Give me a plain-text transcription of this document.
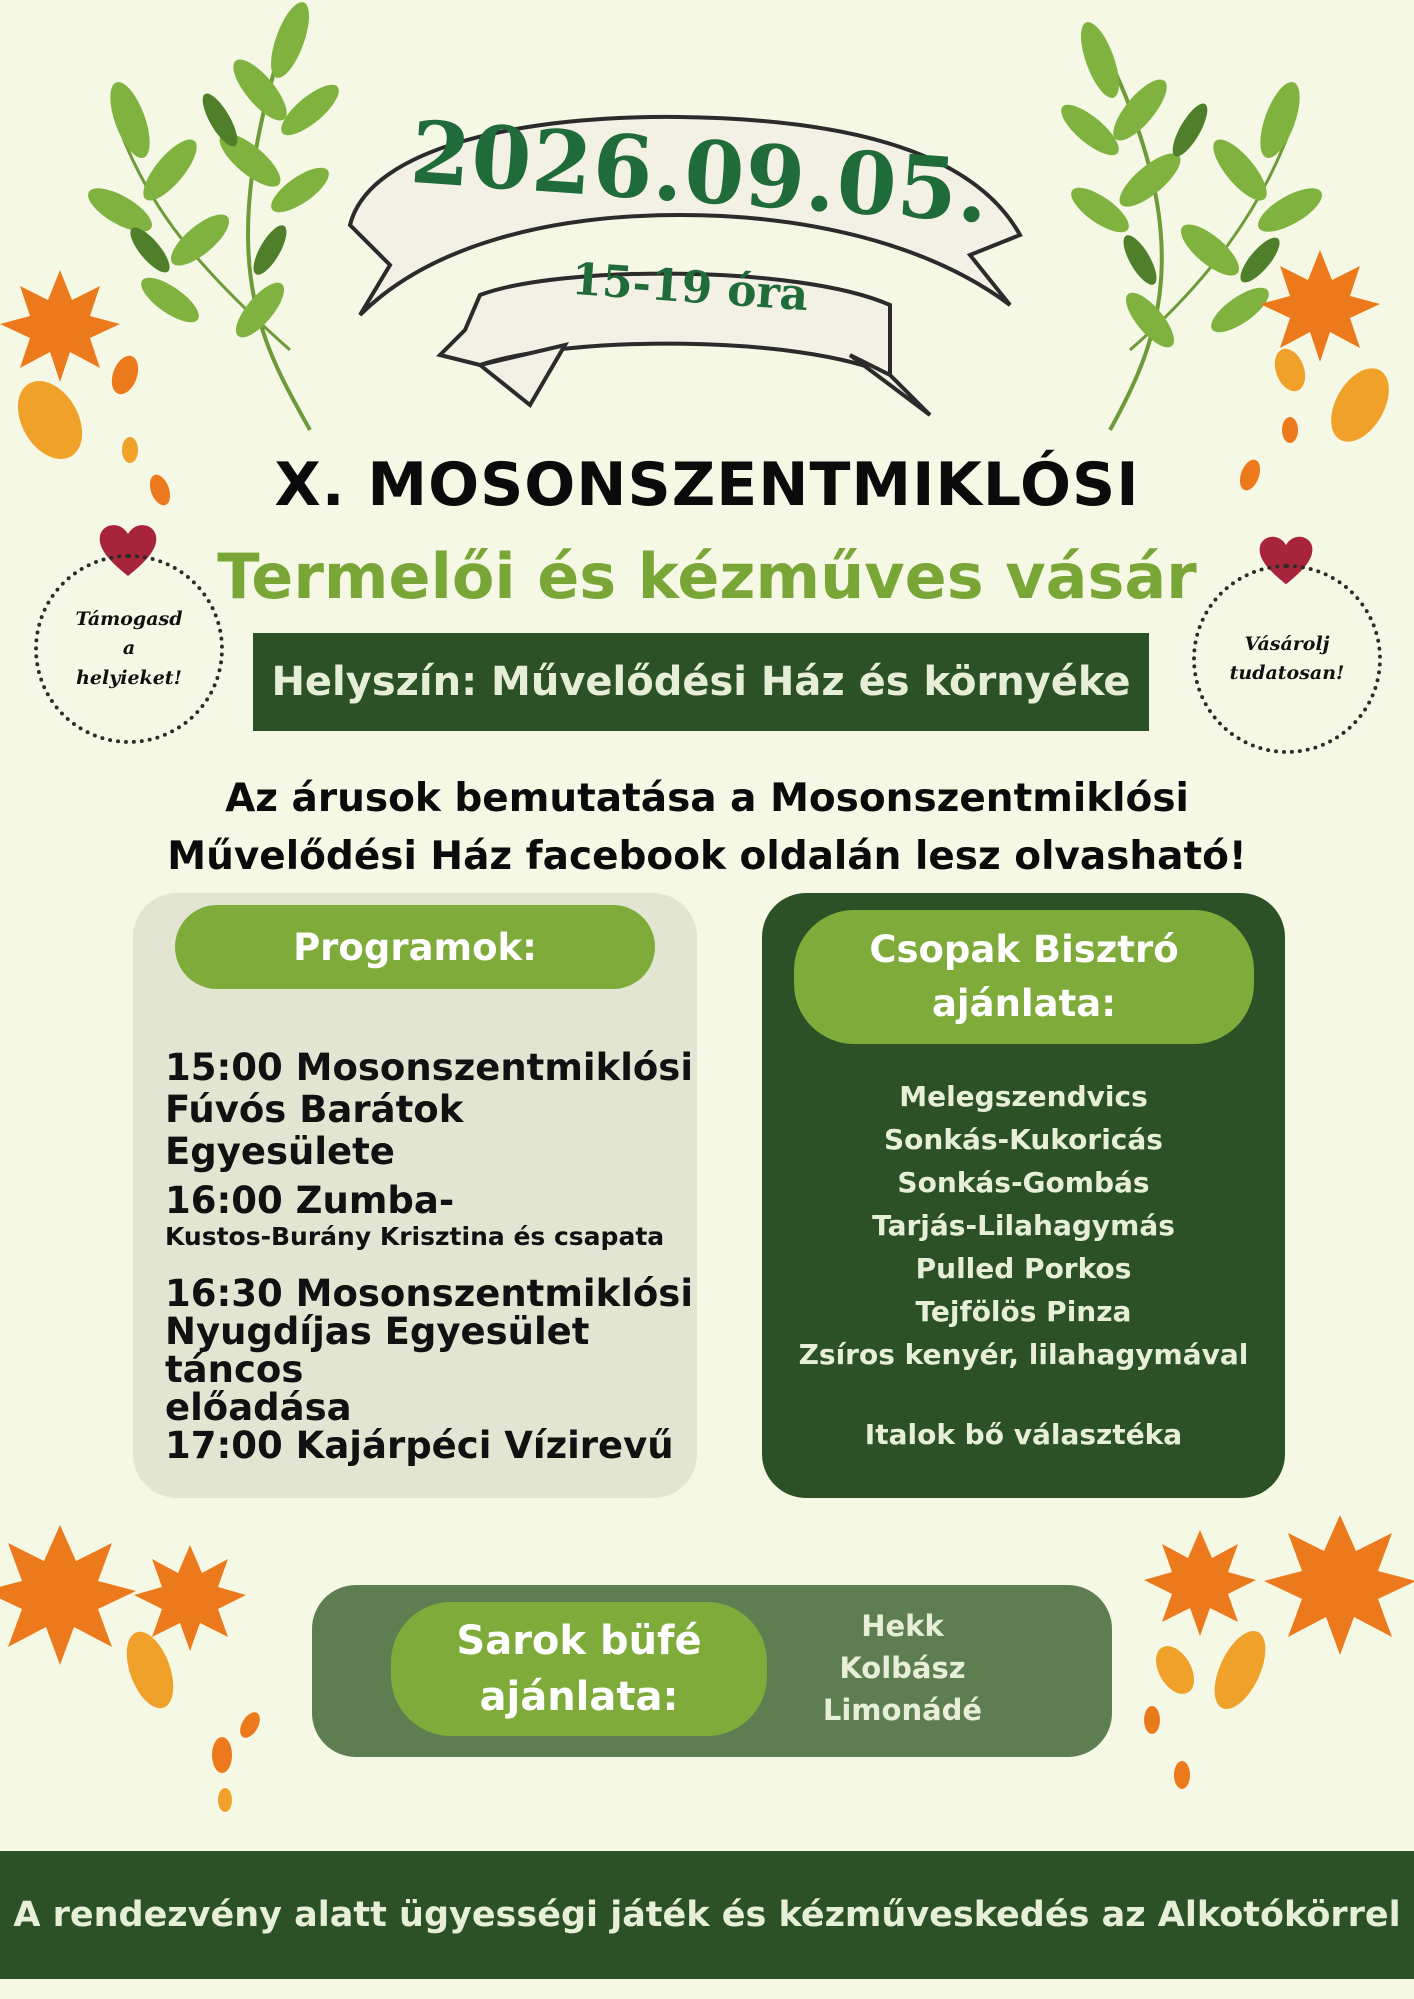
2026.09.05.
15-19 óra
X. MOSONSZENTMIKLÓSI
Termelői és kézműves vásár
Helyszín: Művelődési Ház és környéke
Támogasd
a
helyieket!
Vásárolj
tudatosan!
Az árusok bemutatása a Mosonszentmiklósi
Művelődési Ház facebook oldalán lesz olvasható!
Programok:
15:00 Mosonszentmiklósi
Fúvós Barátok Egyesülete
16:00 Zumba-
Kustos-Burány Krisztina és csapata
16:30 Mosonszentmiklósi
Nyugdíjas Egyesület táncos
előadása
17:00 Kajárpéci Vízirevű
Csopak Bisztró
ajánlata:
Melegszendvics
Sonkás-Kukoricás
Sonkás-Gombás
Tarjás-Lilahagymás
Pulled Porkos
Tejfölös Pinza
Zsíros kenyér, lilahagymával
Italok bő választéka
Sarok büfé
ajánlata:
Hekk
Kolbász
Limonádé
A rendezvény alatt ügyességi játék és kézműveskedés az Alkotókörrel
